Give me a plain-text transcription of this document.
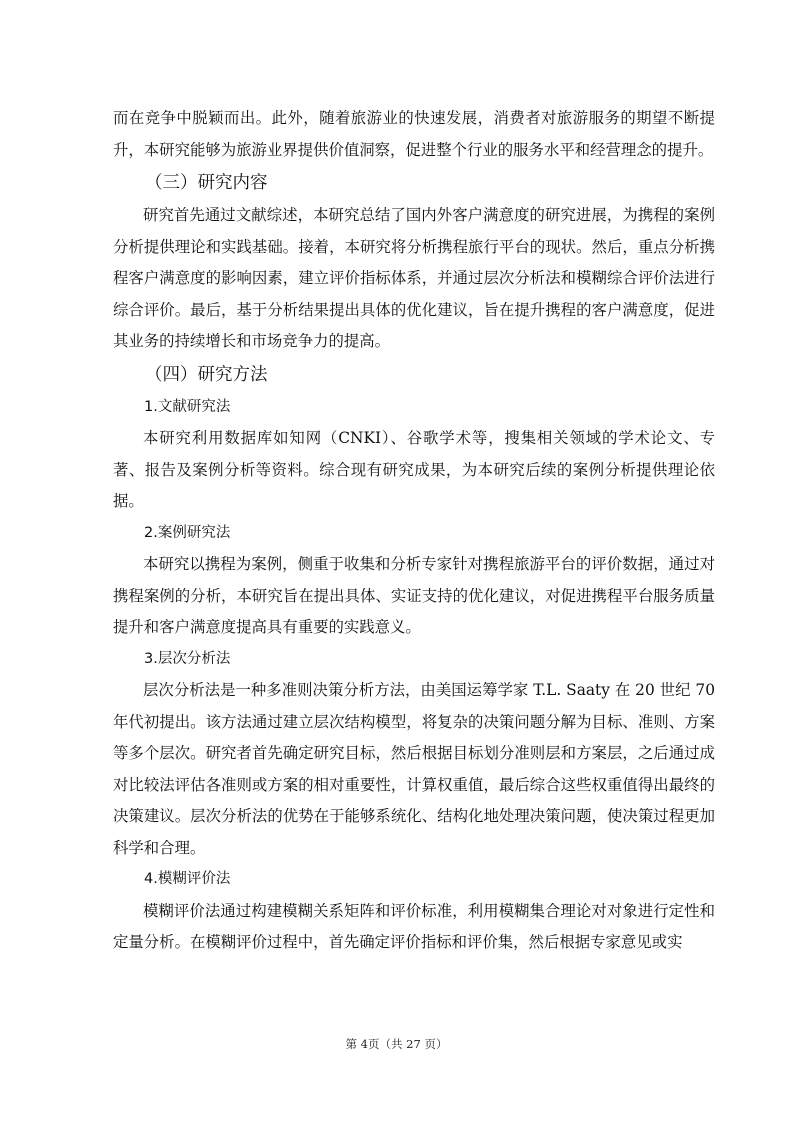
而在竞争中脱颖而出。此外，随着旅游业的快速发展，消费者对旅游服务的期望不断提升，本研究能够为旅游业界提供价值洞察，促进整个行业的服务水平和经营理念的提升。

（三）研究内容

研究首先通过文献综述，本研究总结了国内外客户满意度的研究进展，为携程的案例分析提供理论和实践基础。接着，本研究将分析携程旅行平台的现状。然后，重点分析携程客户满意度的影响因素，建立评价指标体系，并通过层次分析法和模糊综合评价法进行综合评价。最后，基于分析结果提出具体的优化建议，旨在提升携程的客户满意度，促进其业务的持续增长和市场竞争力的提高。

（四）研究方法
1.文献研究法

本研究利用数据库如知网（CNKI）、谷歌学术等，搜集相关领域的学术论文、专著、报告及案例分析等资料。综合现有研究成果，为本研究后续的案例分析提供理论依据。

2.案例研究法

本研究以携程为案例，侧重于收集和分析专家针对携程旅游平台的评价数据，通过对携程案例的分析，本研究旨在提出具体、实证支持的优化建议，对促进携程平台服务质量提升和客户满意度提高具有重要的实践意义。

3.层次分析法

层次分析法是一种多准则决策分析方法，由美国运筹学家 T.L. Saaty 在 20 世纪 70 年代初提出。该方法通过建立层次结构模型，将复杂的决策问题分解为目标、准则、方案等多个层次。研究者首先确定研究目标，然后根据目标划分准则层和方案层，之后通过成对比较法评估各准则或方案的相对重要性，计算权重值，最后综合这些权重值得出最终的决策建议。层次分析法的优势在于能够系统化、结构化地处理决策问题，使决策过程更加科学和合理。

4.模糊评价法

模糊评价法通过构建模糊关系矩阵和评价标准，利用模糊集合理论对对象进行定性和定量分析。在模糊评价过程中，首先确定评价指标和评价集，然后根据专家意见或实

第 4页（共 27 页）
